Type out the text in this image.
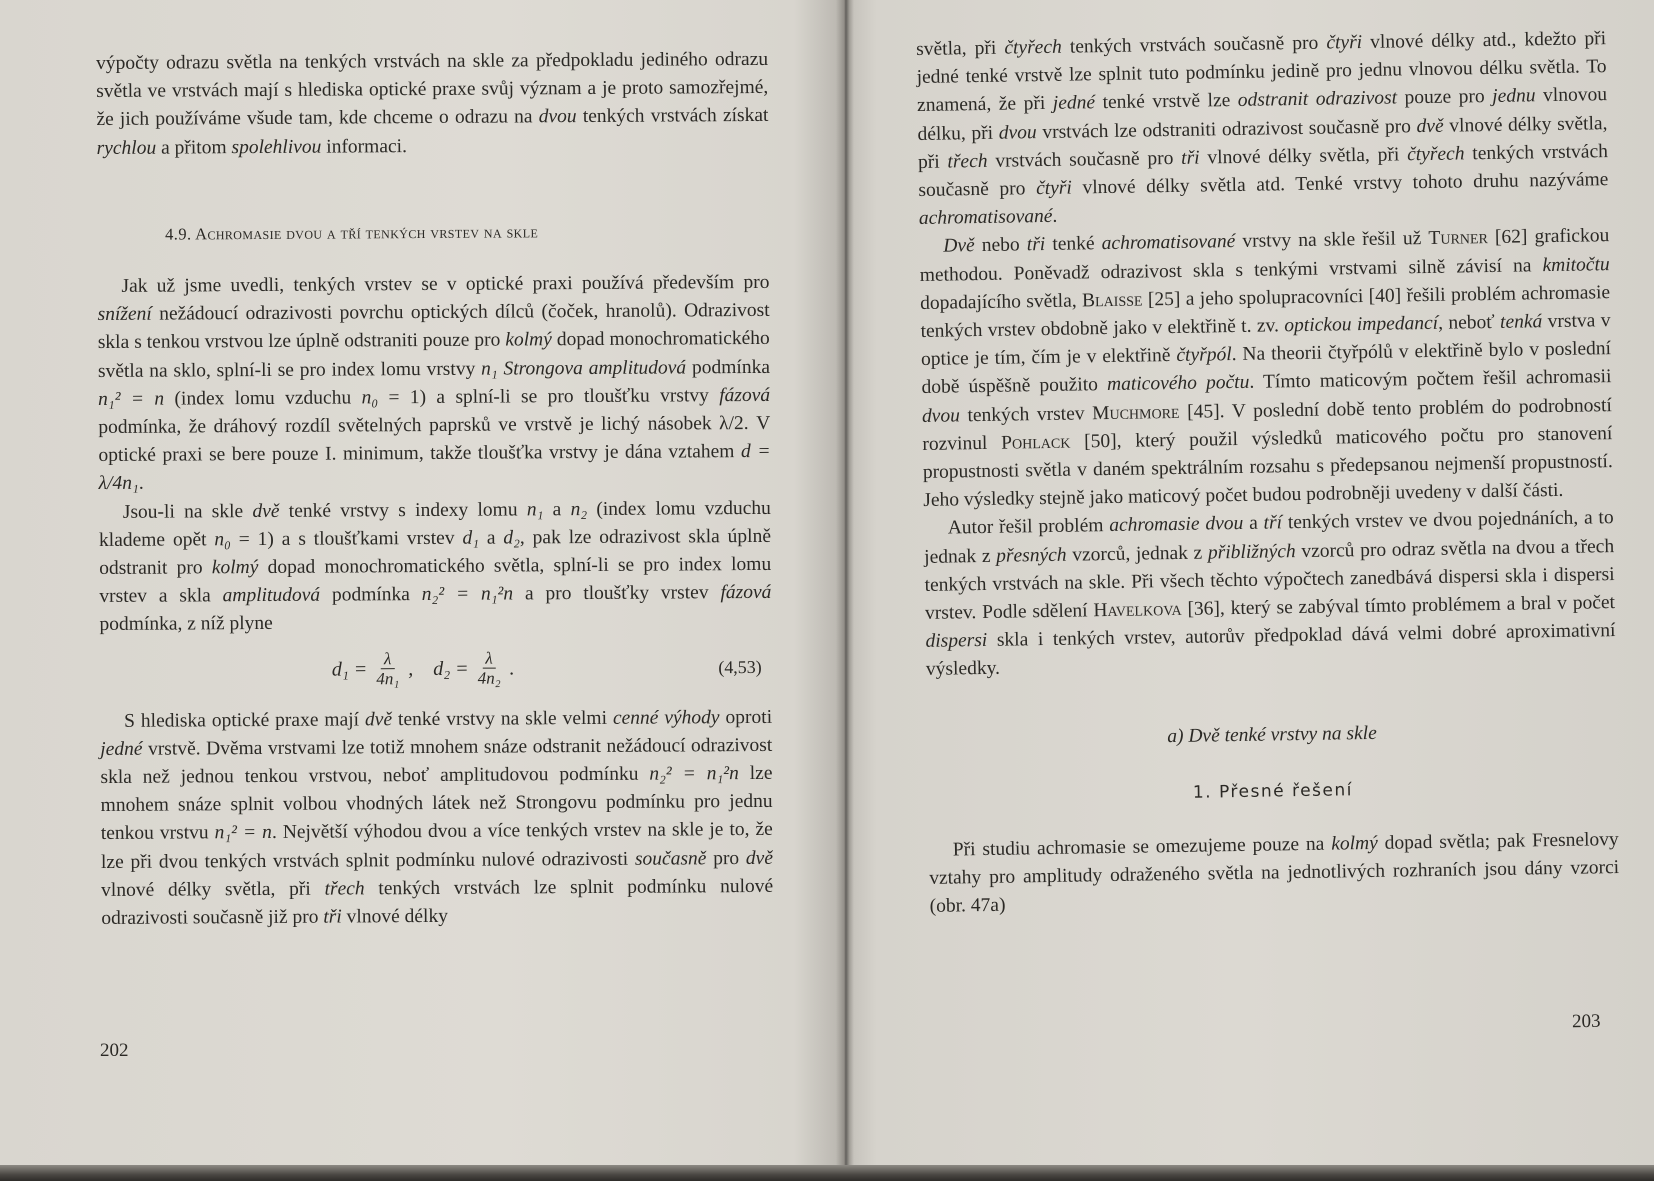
výpočty odrazu světla na tenkých vrstvách na skle za předpokladu jediného odrazu světla ve vrstvách mají s hlediska optické praxe svůj význam a je proto samozřejmé, že jich používáme všude tam, kde chceme o odrazu na dvou tenkých vrstvách získat rychlou a přitom spolehlivou informaci.

4.9. Achromasie dvou a tří tenkých vrstev na skle

Jak už jsme uvedli, tenkých vrstev se v optické praxi používá především pro snížení nežádoucí odrazivosti povrchu optických dílců (čoček, hranolů). Odrazivost skla s tenkou vrstvou lze úplně odstraniti pouze pro kolmý dopad monochromatického světla na sklo, splní-li se pro index lomu vrstvy n₁ Strongova amplitudová podmínka n₁² = n (index lomu vzduchu n₀ = 1) a splní-li se pro tloušťku vrstvy fázová podmínka, že dráhový rozdíl světelných paprsků ve vrstvě je lichý násobek λ/2. V optické praxi se bere pouze I. minimum, takže tloušťka vrstvy je dána vztahem d = λ/4n₁.

Jsou-li na skle dvě tenké vrstvy s indexy lomu n₁ a n₂ (index lomu vzduchu klademe opět n₀ = 1) a s tloušťkami vrstev d₁ a d₂, pak lze odrazivost skla úplně odstranit pro kolmý dopad monochromatického světla, splní-li se pro index lomu vrstev a skla amplitudová podmínka n₂² = n₁²n a pro tloušťky vrstev fázová podmínka, z níž plyne

$d_1 = \frac{\lambda}{\text{4n₁}}$ , $d_2 = \frac{\lambda}{\text{4n₂}}$ .	(4,53)

S hlediska optické praxe mají dvě tenké vrstvy na skle velmi cenné výhody oproti jedné vrstvě. Dvěma vrstvami lze totiž mnohem snáze odstranit nežádoucí odrazivost skla než jednou tenkou vrstvou, neboť amplitudovou podmínku n₂² = n₁²n lze mnohem snáze splnit volbou vhodných látek než Strongovu podmínku pro jednu tenkou vrstvu n₁² = n. Největší výhodou dvou a více tenkých vrstev na skle je to, že lze při dvou tenkých vrstvách splnit podmínku nulové odrazivosti současně pro dvě vlnové délky světla, při třech tenkých vrstvách lze splnit podmínku nulové odrazivosti současně již pro tři vlnové délky

202

světla, při čtyřech tenkých vrstvách současně pro čtyři vlnové délky atd., kdežto při jedné tenké vrstvě lze splnit tuto podmínku jedině pro jednu vlnovou délku světla. To znamená, že při jedné tenké vrstvě lze odstranit odrazivost pouze pro jednu vlnovou délku, při dvou vrstvách lze odstraniti odrazivost současně pro dvě vlnové délky světla, při třech vrstvách současně pro tři vlnové délky světla, při čtyřech tenkých vrstvách současně pro čtyři vlnové délky světla atd. Tenké vrstvy tohoto druhu nazýváme achromatisované.

Dvě nebo tři tenké achromatisované vrstvy na skle řešil už Turner [62] grafickou methodou. Poněvadž odrazivost skla s tenkými vrstvami silně závisí na kmitočtu dopadajícího světla, Blaisse [25] a jeho spolupracovníci [40] řešili problém achromasie tenkých vrstev obdobně jako v elektřině t. zv. optickou impedancí, neboť tenká vrstva v optice je tím, čím je v elektřině čtyřpól. Na theorii čtyřpólů v elektřině bylo v poslední době úspěšně použito maticového počtu. Tímto maticovým počtem řešil achromasii dvou tenkých vrstev Muchmore [45]. V poslední době tento problém do podrobností rozvinul Pohlack [50], který použil výsledků maticového počtu pro stanovení propustnosti světla v daném spektrálním rozsahu s předepsanou nejmenší propustností. Jeho výsledky stejně jako maticový počet budou podrobněji uvedeny v další části.

Autor řešil problém achromasie dvou a tří tenkých vrstev ve dvou pojednáních, a to jednak z přesných vzorců, jednak z přibližných vzorců pro odraz světla na dvou a třech tenkých vrstvách na skle. Při všech těchto výpočtech zanedbává dispersi skla i dispersi vrstev. Podle sdělení Havelkova [36], který se zabýval tímto problémem a bral v počet dispersi skla i tenkých vrstev, autorův předpoklad dává velmi dobré aproximativní výsledky.

a) Dvě tenké vrstvy na skle

1. Přesné řešení

Při studiu achromasie se omezujeme pouze na kolmý dopad světla; pak Fresnelovy vztahy pro amplitudy odraženého světla na jednotlivých rozhraních jsou dány vzorci (obr. 47a)

203
